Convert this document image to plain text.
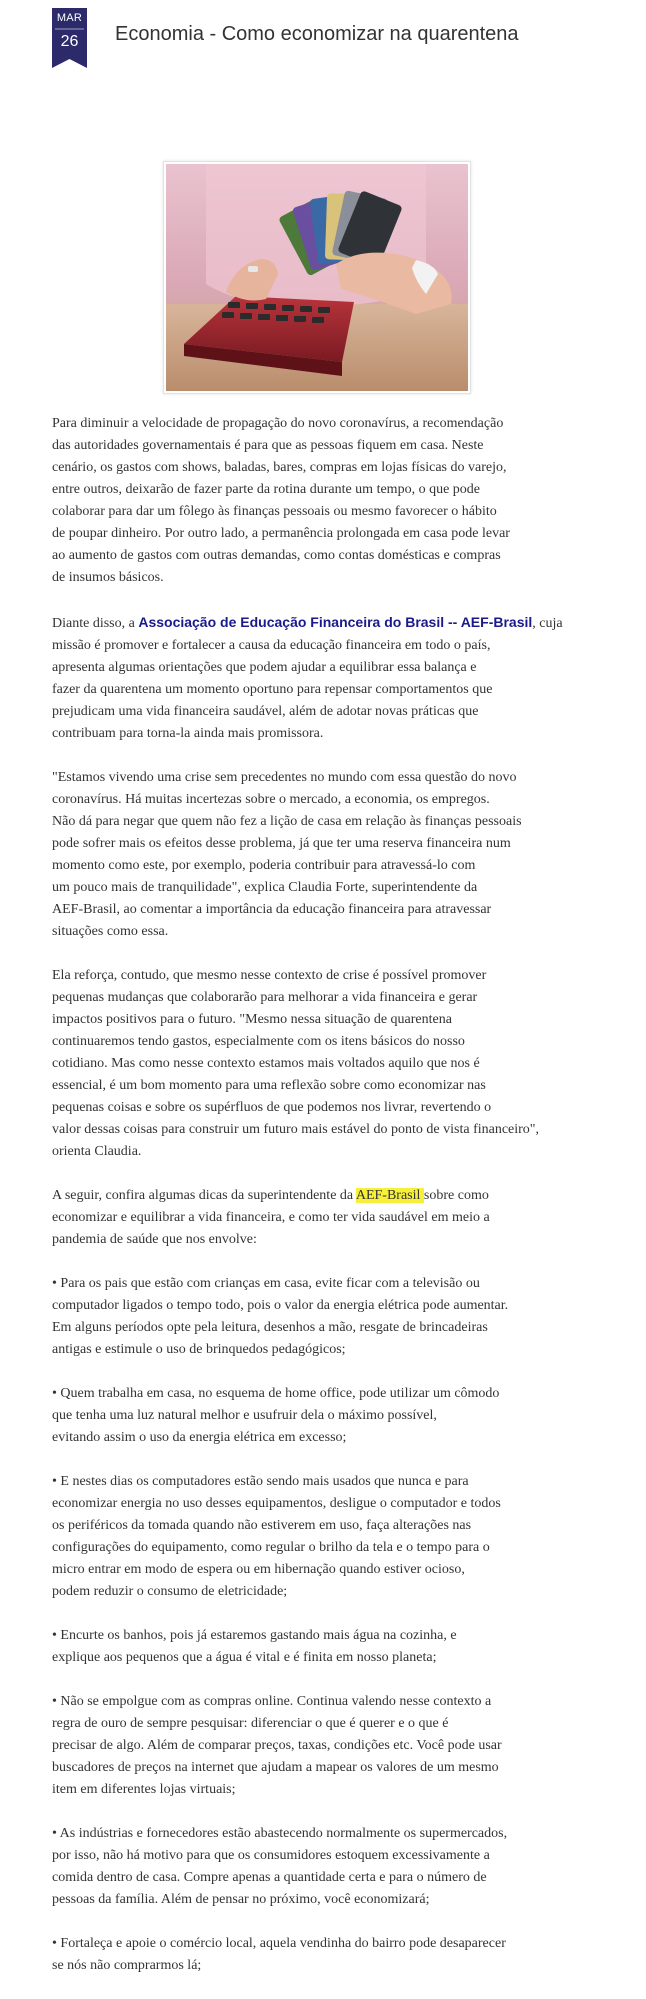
MAR
26	Economia - Como economizar na quarentena

Para diminuir a velocidade de propagação do novo coronavírus, a recomendação
das autoridades governamentais é para que as pessoas fiquem em casa. Neste
cenário, os gastos com shows, baladas, bares, compras em lojas físicas do varejo,
entre outros, deixarão de fazer parte da rotina durante um tempo, o que pode
colaborar para dar um fôlego às finanças pessoais ou mesmo favorecer o hábito
de poupar dinheiro. Por outro lado, a permanência prolongada em casa pode levar
ao aumento de gastos com outras demandas, como contas domésticas e compras
de insumos básicos.

Diante disso, a Associação de Educação Financeira do Brasil -- AEF-Brasil, cuja
missão é promover e fortalecer a causa da educação financeira em todo o país,
apresenta algumas orientações que podem ajudar a equilibrar essa balança e
fazer da quarentena um momento oportuno para repensar comportamentos que
prejudicam uma vida financeira saudável, além de adotar novas práticas que
contribuam para torna-la ainda mais promissora.

"Estamos vivendo uma crise sem precedentes no mundo com essa questão do novo
coronavírus. Há muitas incertezas sobre o mercado, a economia, os empregos.
Não dá para negar que quem não fez a lição de casa em relação às finanças pessoais
pode sofrer mais os efeitos desse problema, já que ter uma reserva financeira num
momento como este, por exemplo, poderia contribuir para atravessá-lo com
um pouco mais de tranquilidade", explica Claudia Forte, superintendente da
AEF-Brasil, ao comentar a importância da educação financeira para atravessar
situações como essa.

Ela reforça, contudo, que mesmo nesse contexto de crise é possível promover
pequenas mudanças que colaborarão para melhorar a vida financeira e gerar
impactos positivos para o futuro. "Mesmo nessa situação de quarentena
continuaremos tendo gastos, especialmente com os itens básicos do nosso
cotidiano. Mas como nesse contexto estamos mais voltados aquilo que nos é
essencial, é um bom momento para uma reflexão sobre como economizar nas
pequenas coisas e sobre os supérfluos de que podemos nos livrar, revertendo o
valor dessas coisas para construir um futuro mais estável do ponto de vista financeiro",
orienta Claudia.

A seguir, confira algumas dicas da superintendente da AEF-Brasil sobre como
economizar e equilibrar a vida financeira, e como ter vida saudável em meio a
pandemia de saúde que nos envolve:

• Para os pais que estão com crianças em casa, evite ficar com a televisão ou
computador ligados o tempo todo, pois o valor da energia elétrica pode aumentar.
Em alguns períodos opte pela leitura, desenhos a mão, resgate de brincadeiras
antigas e estimule o uso de brinquedos pedagógicos;

• Quem trabalha em casa, no esquema de home office, pode utilizar um cômodo
que tenha uma luz natural melhor e usufruir dela o máximo possível,
evitando assim o uso da energia elétrica em excesso;

• E nestes dias os computadores estão sendo mais usados que nunca e para
economizar energia no uso desses equipamentos, desligue o computador e todos
os periféricos da tomada quando não estiverem em uso, faça alterações nas
configurações do equipamento, como regular o brilho da tela e o tempo para o
micro entrar em modo de espera ou em hibernação quando estiver ocioso,
podem reduzir o consumo de eletricidade;

• Encurte os banhos, pois já estaremos gastando mais água na cozinha, e
explique aos pequenos que a água é vital e é finita em nosso planeta;

• Não se empolgue com as compras online. Continua valendo nesse contexto a
regra de ouro de sempre pesquisar: diferenciar o que é querer e o que é
precisar de algo. Além de comparar preços, taxas, condições etc. Você pode usar
buscadores de preços na internet que ajudam a mapear os valores de um mesmo
item em diferentes lojas virtuais;

• As indústrias e fornecedores estão abastecendo normalmente os supermercados,
por isso, não há motivo para que os consumidores estoquem excessivamente a
comida dentro de casa. Compre apenas a quantidade certa e para o número de
pessoas da família. Além de pensar no próximo, você economizará;

• Fortaleça e apoie o comércio local, aquela vendinha do bairro pode desaparecer
se nós não comprarmos lá;
